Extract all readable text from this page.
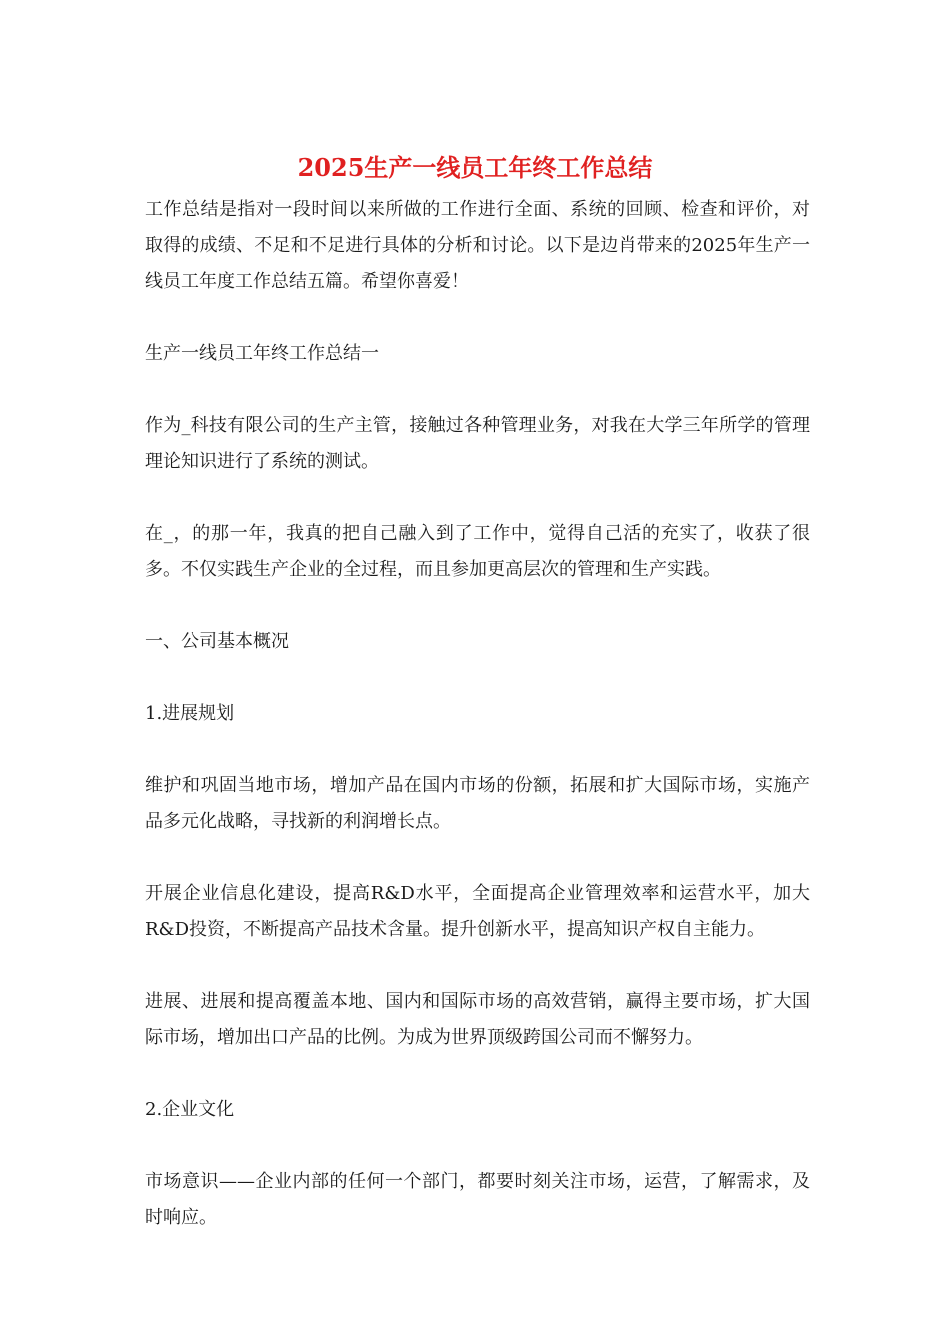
2025生产一线员工年终工作总结

工作总结是指对一段时间以来所做的工作进行全面、系统的回顾、检查和评价，对取得的成绩、不足和不足进行具体的分析和讨论。以下是边肖带来的2025年生产一线员工年度工作总结五篇。希望你喜爱！

生产一线员工年终工作总结一

作为_科技有限公司的生产主管，接触过各种管理业务，对我在大学三年所学的管理理论知识进行了系统的测试。

在_，的那一年，我真的把自己融入到了工作中，觉得自己活的充实了，收获了很多。不仅实践生产企业的全过程，而且参加更高层次的管理和生产实践。

一、公司基本概况

1.进展规划

维护和巩固当地市场，增加产品在国内市场的份额，拓展和扩大国际市场，实施产品多元化战略，寻找新的利润增长点。

开展企业信息化建设，提高R&D水平，全面提高企业管理效率和运营水平，加大R&D投资，不断提高产品技术含量。提升创新水平，提高知识产权自主能力。

进展、进展和提高覆盖本地、国内和国际市场的高效营销，赢得主要市场，扩大国际市场，增加出口产品的比例。为成为世界顶级跨国公司而不懈努力。

2.企业文化

市场意识——企业内部的任何一个部门，都要时刻关注市场，运营，了解需求，及时响应。
